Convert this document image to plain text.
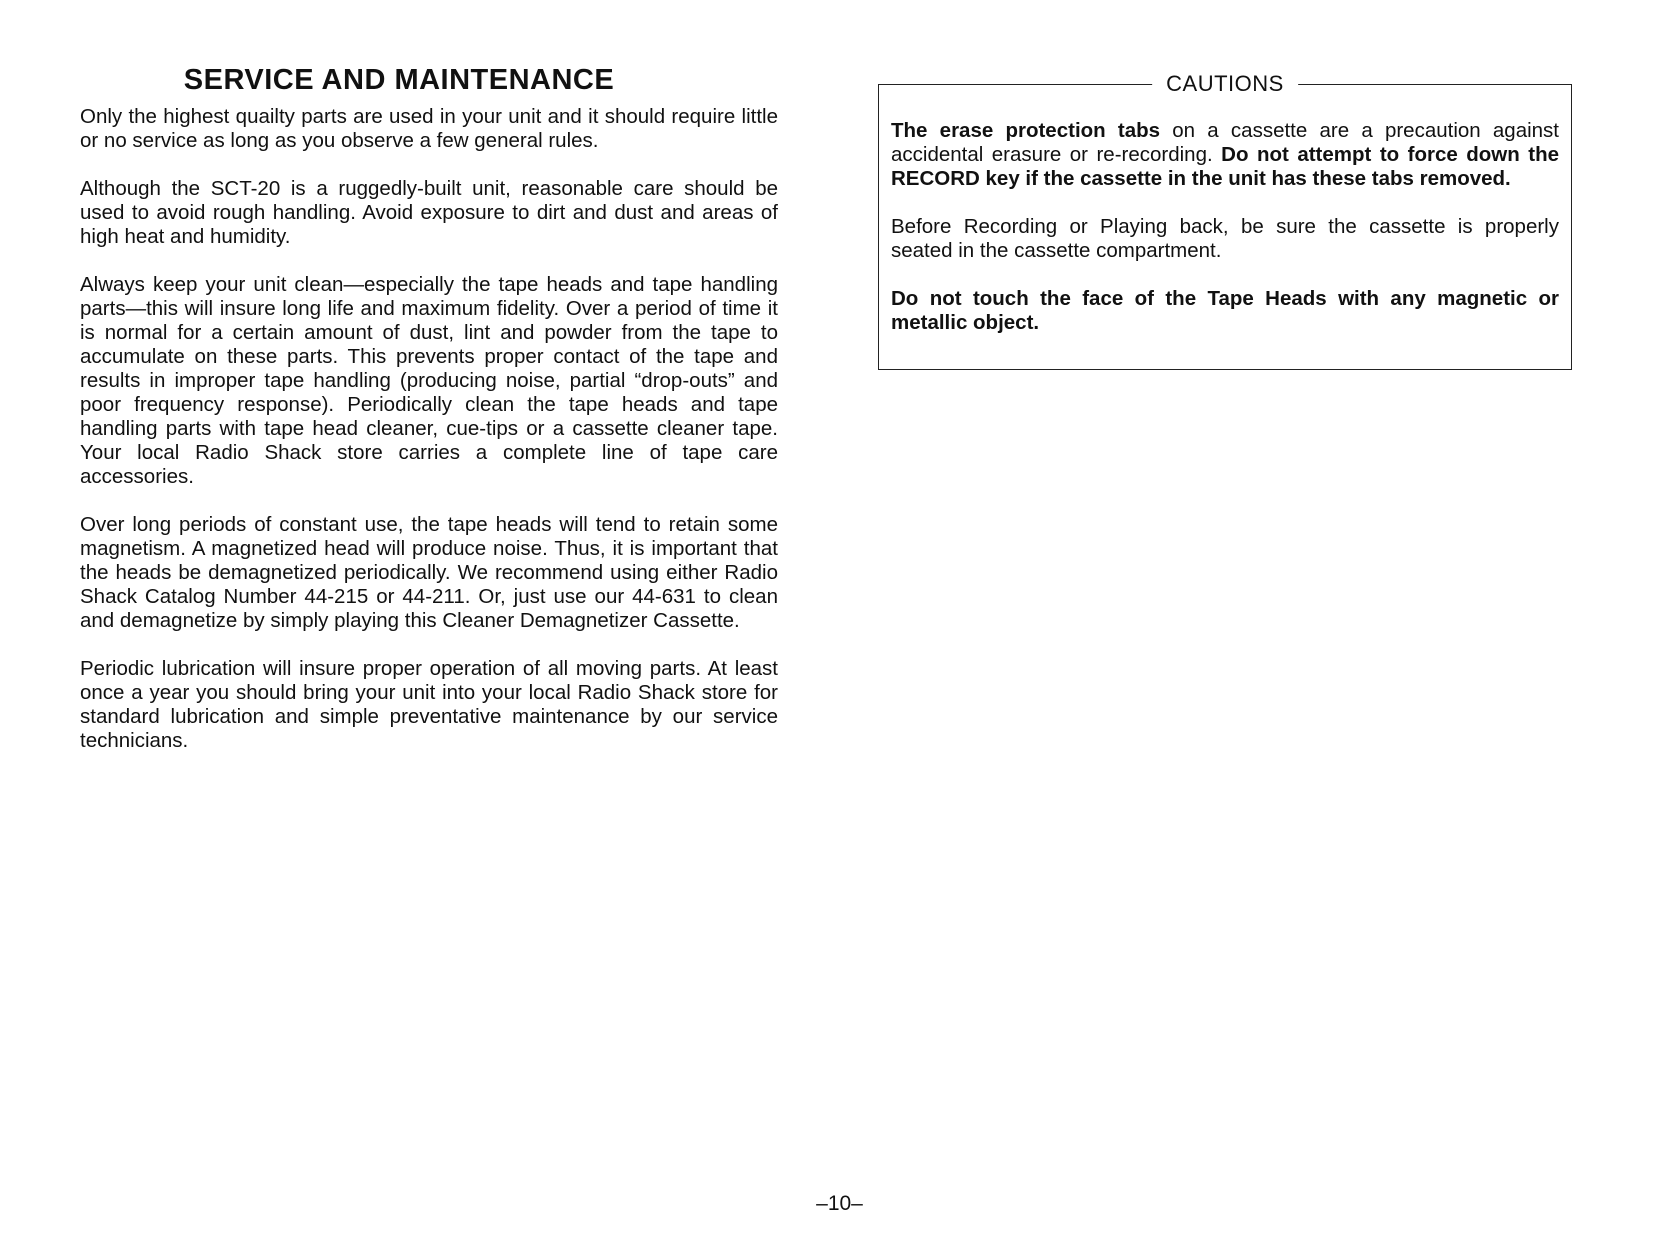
SERVICE AND MAINTENANCE

Only the highest quailty parts are used in your unit and it should require little or no service as long as you observe a few general rules.

Although the SCT-20 is a ruggedly-built unit, reasonable care should be used to avoid rough handling. Avoid exposure to dirt and dust and areas of high heat and humidity.

Always keep your unit clean—especially the tape heads and tape handling parts—this will insure long life and maximum fidelity. Over a period of time it is normal for a certain amount of dust, lint and powder from the tape to accumulate on these parts. This prevents proper contact of the tape and results in improper tape handling (producing noise, partial “drop-outs” and poor frequency response). Periodically clean the tape heads and tape handling parts with tape head cleaner, cue-tips or a cassette cleaner tape. Your local Radio Shack store carries a complete line of tape care accessories.

Over long periods of constant use, the tape heads will tend to retain some magnetism. A magnetized head will produce noise. Thus, it is important that the heads be demagnetized periodically. We recommend using either Radio Shack Catalog Number 44-215 or 44-211. Or, just use our 44-631 to clean and demagnetize by simply playing this Cleaner Demagnetizer Cassette.

Periodic lubrication will insure proper operation of all moving parts. At least once a year you should bring your unit into your local Radio Shack store for standard lubrication and simple preventative maintenance by our service technicians.

CAUTIONS

The erase protection tabs on a cassette are a precaution against accidental erasure or re-recording. Do not attempt to force down the RECORD key if the cassette in the unit has these tabs removed.

Before Recording or Playing back, be sure the cassette is properly seated in the cassette compartment.

Do not touch the face of the Tape Heads with any magnetic or metallic object.

–10–
